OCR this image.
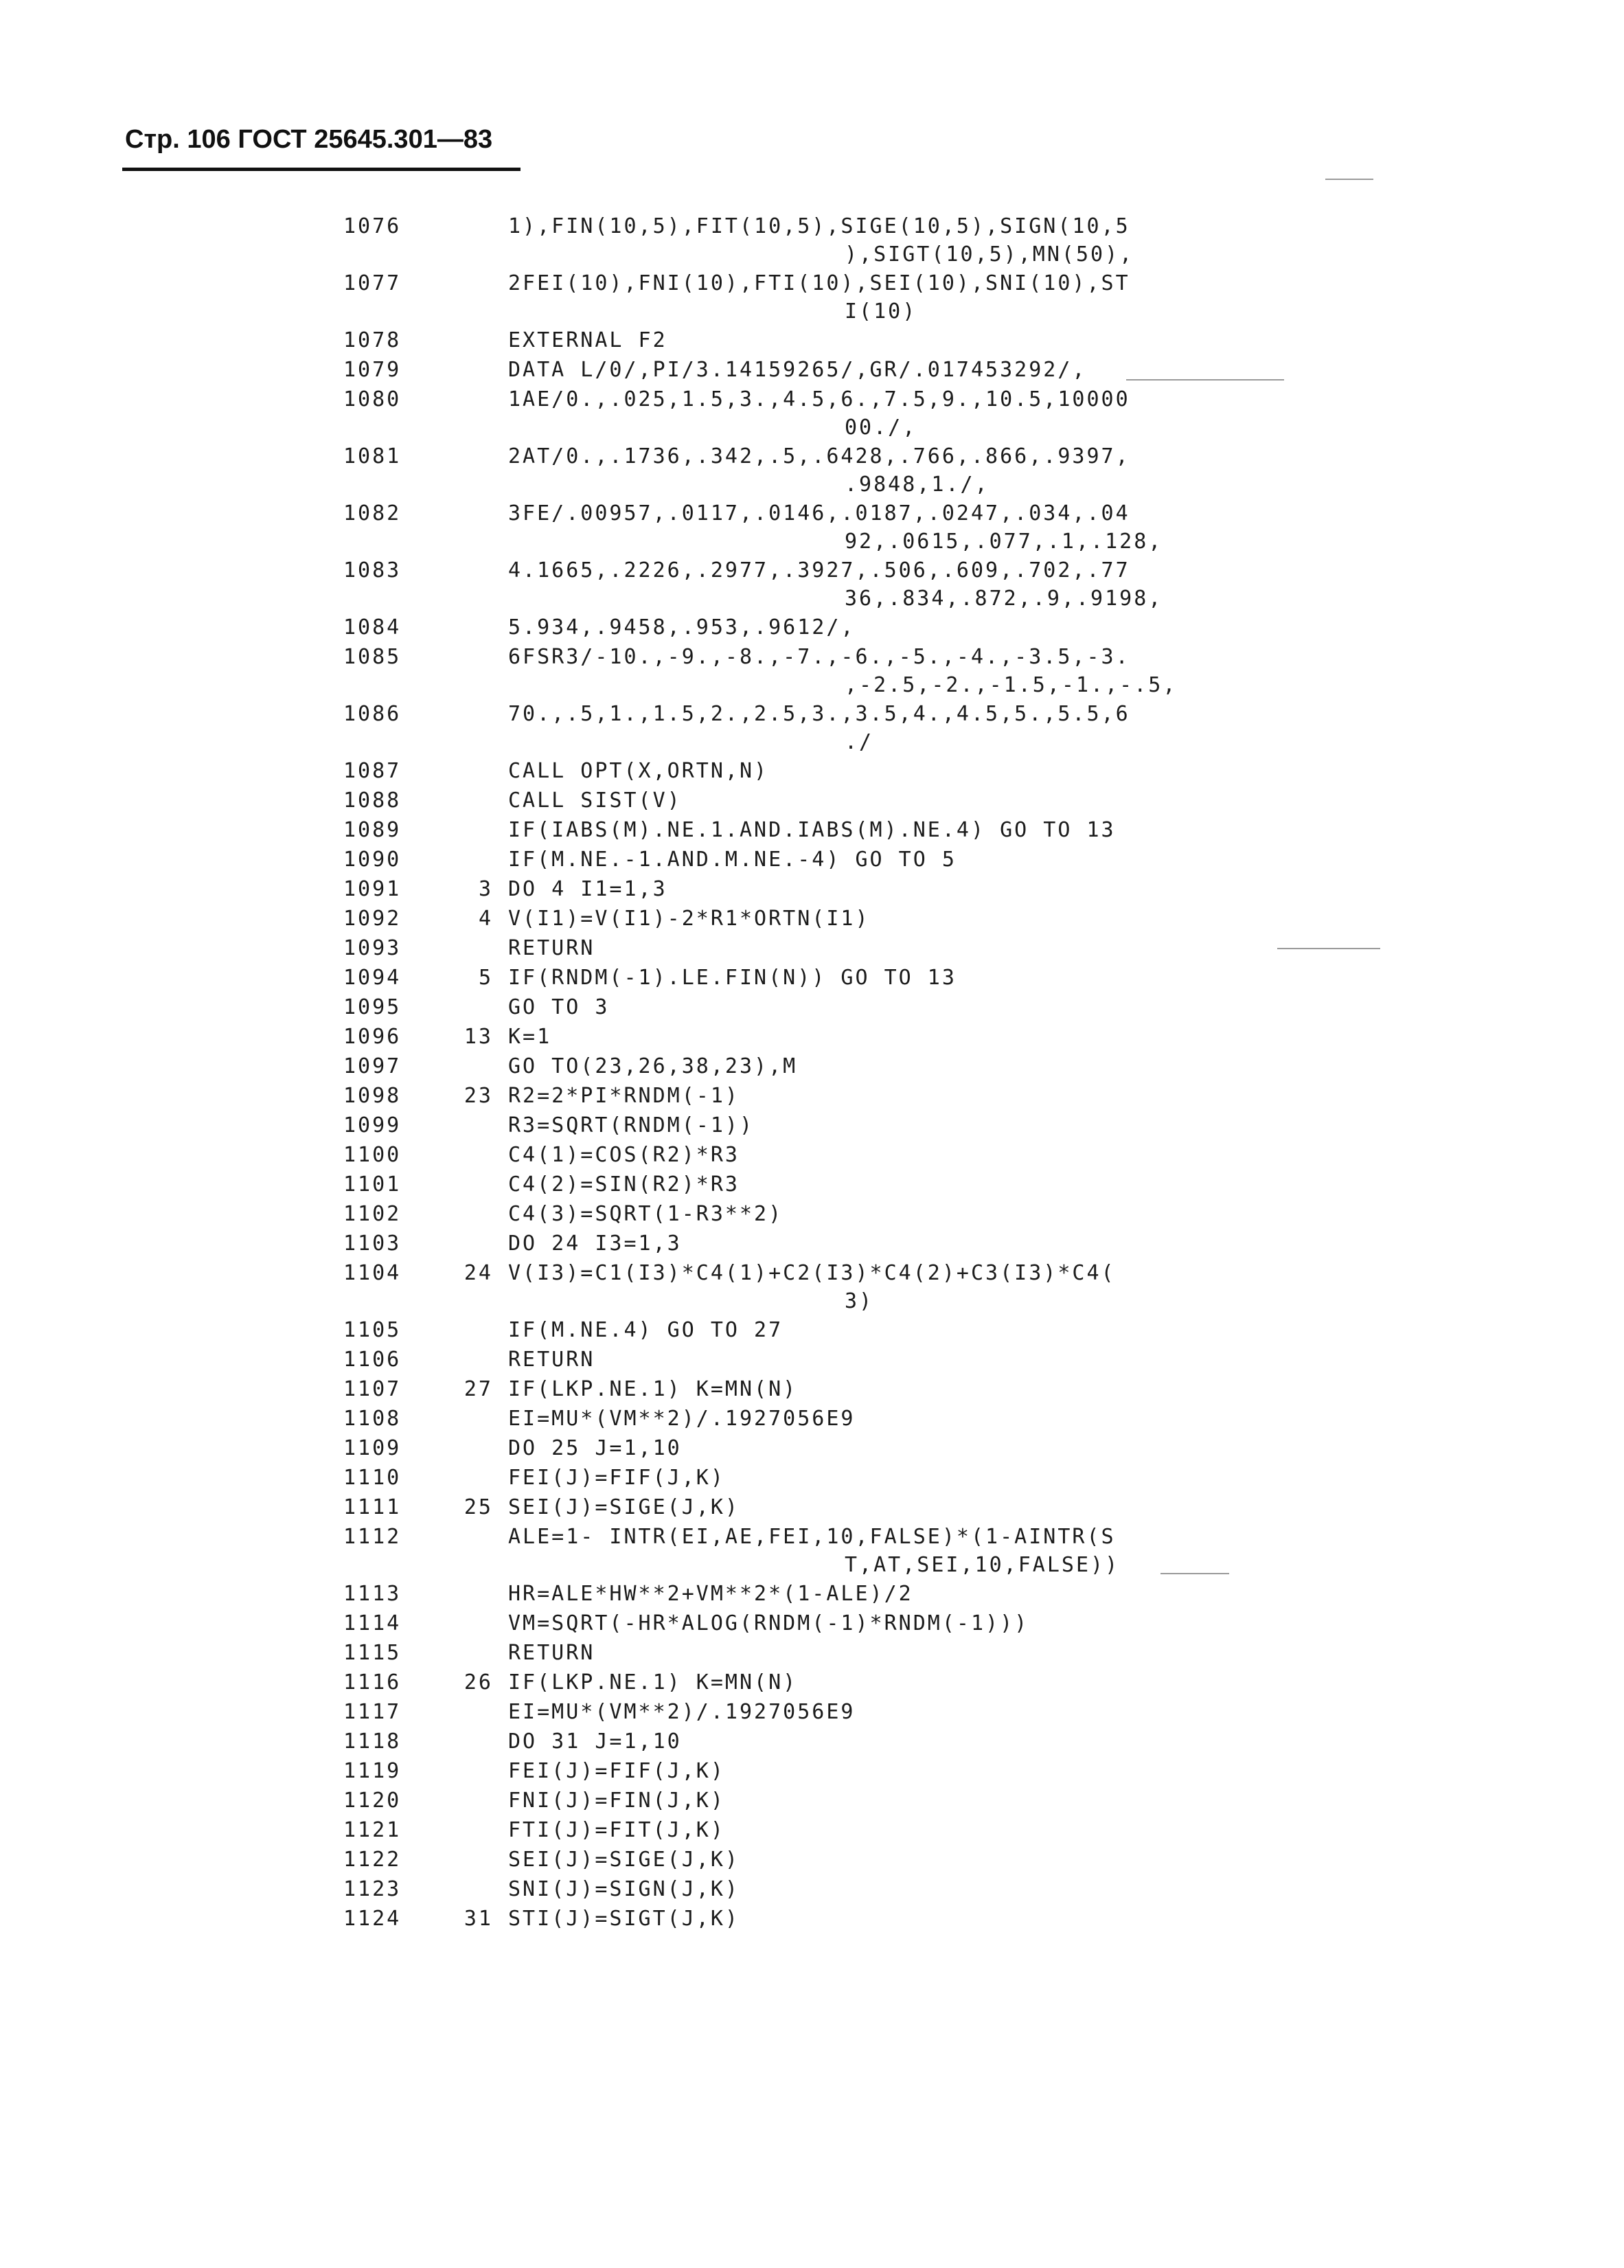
Стр. 106 ГОСТ 25645.301—83
1076	1),FIN(10,5),FIT(10,5),SIGE(10,5),SIGN(10,5
),SIGT(10,5),MN(50),
1077	2FEI(10),FNI(10),FTI(10),SEI(10),SNI(10),ST
I(10)
1078	EXTERNAL F2
1079	DATA L/0/,PI/3.14159265/,GR/.017453292/,
1080	1AE/0.,.025,1.5,3.,4.5,6.,7.5,9.,10.5,10000
00./,
1081	2AT/0.,.1736,.342,.5,.6428,.766,.866,.9397,
.9848,1./,
1082	3FE/.00957,.0117,.0146,.0187,.0247,.034,.04
92,.0615,.077,.1,.128,
1083	4.1665,.2226,.2977,.3927,.506,.609,.702,.77
36,.834,.872,.9,.9198,
1084	5.934,.9458,.953,.9612/,
1085	6FSR3/-10.,-9.,-8.,-7.,-6.,-5.,-4.,-3.5,-3.
,-2.5,-2.,-1.5,-1.,-.5,
1086	70.,.5,1.,1.5,2.,2.5,3.,3.5,4.,4.5,5.,5.5,6
./
1087	CALL OPT(X,ORTN,N)
1088	CALL SIST(V)
1089	IF(IABS(M).NE.1.AND.IABS(M).NE.4) GO TO 13
1090	IF(M.NE.-1.AND.M.NE.-4) GO TO 5
1091	3 DO 4 I1=1,3
1092	4 V(I1)=V(I1)-2*R1*ORTN(I1)
1093	RETURN
1094	5 IF(RNDM(-1).LE.FIN(N)) GO TO 13
1095	GO TO 3
1096	13 K=1
1097	GO TO(23,26,38,23),M
1098	23 R2=2*PI*RNDM(-1)
1099	R3=SQRT(RNDM(-1))
1100	C4(1)=COS(R2)*R3
1101	C4(2)=SIN(R2)*R3
1102	C4(3)=SQRT(1-R3**2)
1103	DO 24 I3=1,3
1104	24 V(I3)=C1(I3)*C4(1)+C2(I3)*C4(2)+C3(I3)*C4(
3)
1105	IF(M.NE.4) GO TO 27
1106	RETURN
1107	27 IF(LKP.NE.1) K=MN(N)
1108	EI=MU*(VM**2)/.1927056E9
1109	DO 25 J=1,10
1110	FEI(J)=FIF(J,K)
1111	25 SEI(J)=SIGE(J,K)
1112	ALE=1- INTR(EI,AE,FEI,10,FALSE)*(1-AINTR(S
T,AT,SEI,10,FALSE))
1113	HR=ALE*HW**2+VM**2*(1-ALE)/2
1114	VM=SQRT(-HR*ALOG(RNDM(-1)*RNDM(-1)))
1115	RETURN
1116	26 IF(LKP.NE.1) K=MN(N)
1117	EI=MU*(VM**2)/.1927056E9
1118	DO 31 J=1,10
1119	FEI(J)=FIF(J,K)
1120	FNI(J)=FIN(J,K)
1121	FTI(J)=FIT(J,K)
1122	SEI(J)=SIGE(J,K)
1123	SNI(J)=SIGN(J,K)
1124	31 STI(J)=SIGT(J,K)
